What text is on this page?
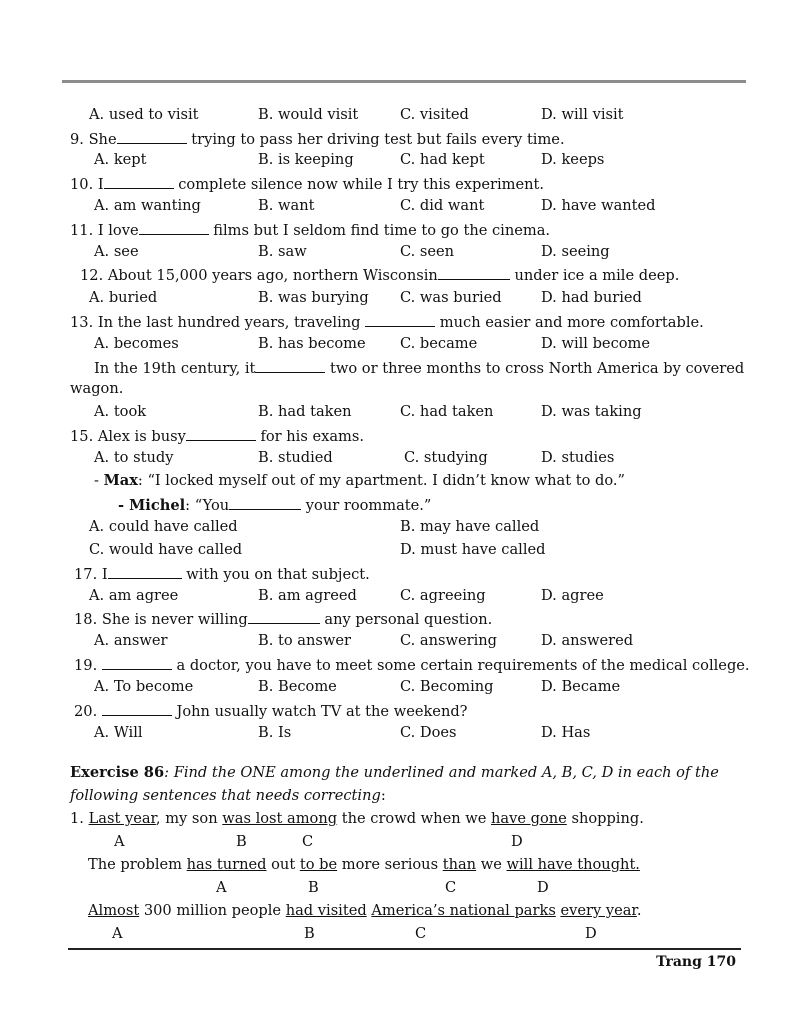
A. used to visit	B. would visit	C. visited	D. will visit
9. She	trying to pass her driving test but fails every time.
A. kept	B. is keeping	C. had kept	D. keeps
10. I	complete silence now while I try this experiment.
A. am wanting	B. want	C. did want	D. have wanted
11. I love	films but I seldom find time to go the cinema.
A. see	B. saw	C. seen	D. seeing
12. About 15,000 years ago, northern Wisconsin	under ice a mile deep.
A. buried	B. was burying C. was buried	D. had buried
13. In the last hundred years, traveling	much easier and more comfortable.
A. becomes	B. has become C. became	D. will become
In the 19th century, it	two or three months to cross North America by covered
wagon.
A. took	B. had taken	C. had taken	D. was taking
15. Alex is busy	for his exams.
A. to study	B. studied	C. studying	D. studies
- Max: “I locked myself out of my apartment. I didn’t know what to do.”
- Michel: “You	your roommate.”
A. could have called	B. may have called
C. would have called	D. must have called
17. I	with you on that subject.
A. am agree	B. am agreed	C. agreeing	D. agree
18. She is never willing	any personal question.
A. answer	B. to answer	C. answering	D. answered
19.	a doctor, you have to meet some certain requirements of the medical college.
A. To become	B. Become	C. Becoming	D. Became
20.	John usually watch TV at the weekend?
A. Will	B. Is	C. Does	D. Has
Exercise 86: Find the ONE among the underlined and marked A, B, C, D in each of the
following sentences that needs correcting:
1. Last year, my son was lost among the crowd when we have gone shopping.
A	B	C	D
The problem has turned out to be more serious than we will have thought.
A	B	C	D
Almost 300 million people had visited America’s national parks every year.
A	B	C	D
Trang 170
